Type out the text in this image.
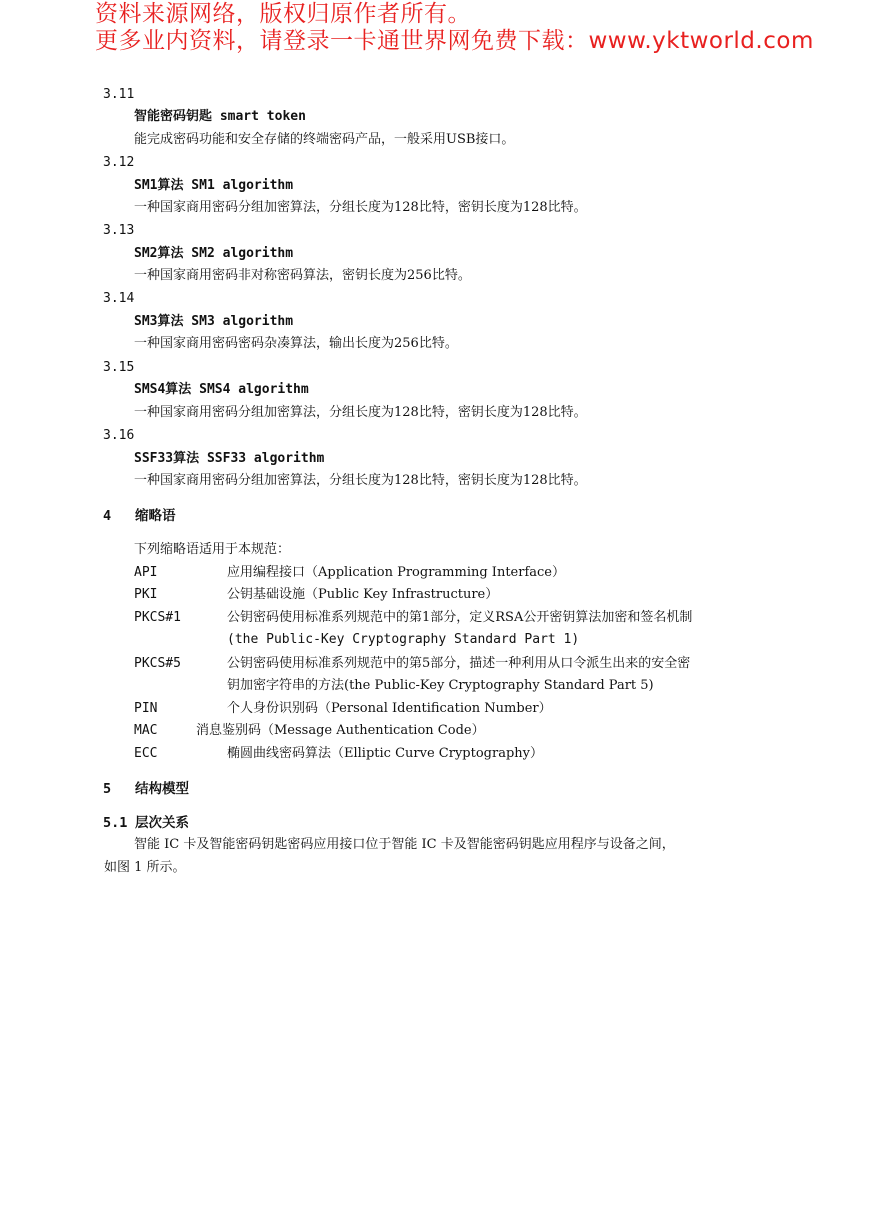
资料来源网络，版权归原作者所有。
更多业内资料，请登录一卡通世界网免费下载：www.yktworld.com
3.11
智能密码钥匙 smart token
能完成密码功能和安全存储的终端密码产品，一般采用USB接口。
3.12
SM1算法 SM1 algorithm
一种国家商用密码分组加密算法，分组长度为128比特，密钥长度为128比特。
3.13
SM2算法 SM2 algorithm
一种国家商用密码非对称密码算法，密钥长度为256比特。
3.14
SM3算法 SM3 algorithm
一种国家商用密码密码杂凑算法，输出长度为256比特。
3.15
SMS4算法 SMS4 algorithm
一种国家商用密码分组加密算法，分组长度为128比特，密钥长度为128比特。
3.16
SSF33算法 SSF33 algorithm
一种国家商用密码分组加密算法，分组长度为128比特，密钥长度为128比特。
4 缩略语
下列缩略语适用于本规范：
API	应用编程接口（Application Programming Interface）
PKI	公钥基础设施（Public Key Infrastructure）
PKCS#1	公钥密码使用标准系列规范中的第1部分，定义RSA公开密钥算法加密和签名机制
(the Public-Key Cryptography Standard Part 1)
PKCS#5	公钥密码使用标准系列规范中的第5部分，描述一种利用从口令派生出来的安全密
钥加密字符串的方法(the Public-Key Cryptography Standard Part 5)
PIN	个人身份识别码（Personal Identification Number）
MAC	消息鉴别码（Message Authentication Code）
ECC	椭圆曲线密码算法（Elliptic Curve Cryptography）
5 结构模型
5.1 层次关系
智能 IC 卡及智能密码钥匙密码应用接口位于智能 IC 卡及智能密码钥匙应用程序与设备之间，
如图 1 所示。
